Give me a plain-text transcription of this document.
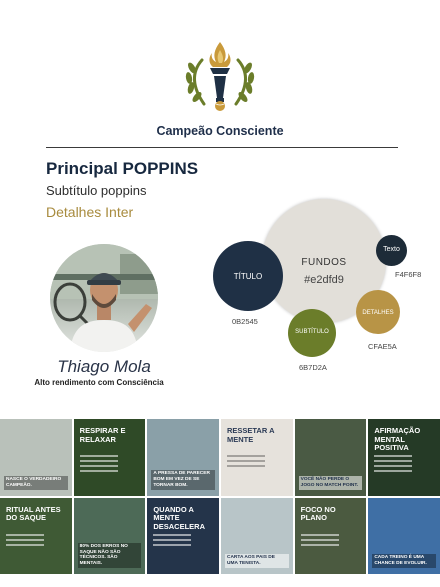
Campeão Consciente
Principal POPPINS
Subtítulo poppins
Detalhes Inter
Thiago Mola
Alto rendimento com Consciência
FUNDOS
#e2dfd9
TÍTULO
SUBTÍTULO
DETALHES
Texto
0B2545
6B7D2A
CFAE5A
F4F6F8
NASCE O VERDADEIRO CAMPEÃO.
RESPIRAR E RELAXAR
A PRESSA DE PARECER BOM EM VEZ DE SE TORNAR BOM.
RESSETAR A MENTE
VOCÊ NÃO PERDE O JOGO NO MATCH POINT.
AFIRMAÇÃO MENTAL POSITIVA
RITUAL ANTES DO SAQUE
80% DOS ERROS NO SAQUE NÃO SÃO TÉCNICOS. SÃO MENTAIS.
QUANDO A MENTE DESACELERA
CARTA AOS PAIS DE UMA TENISTA.
FOCO NO PLANO
CADA TREINO É UMA CHANCE DE EVOLUIR.
